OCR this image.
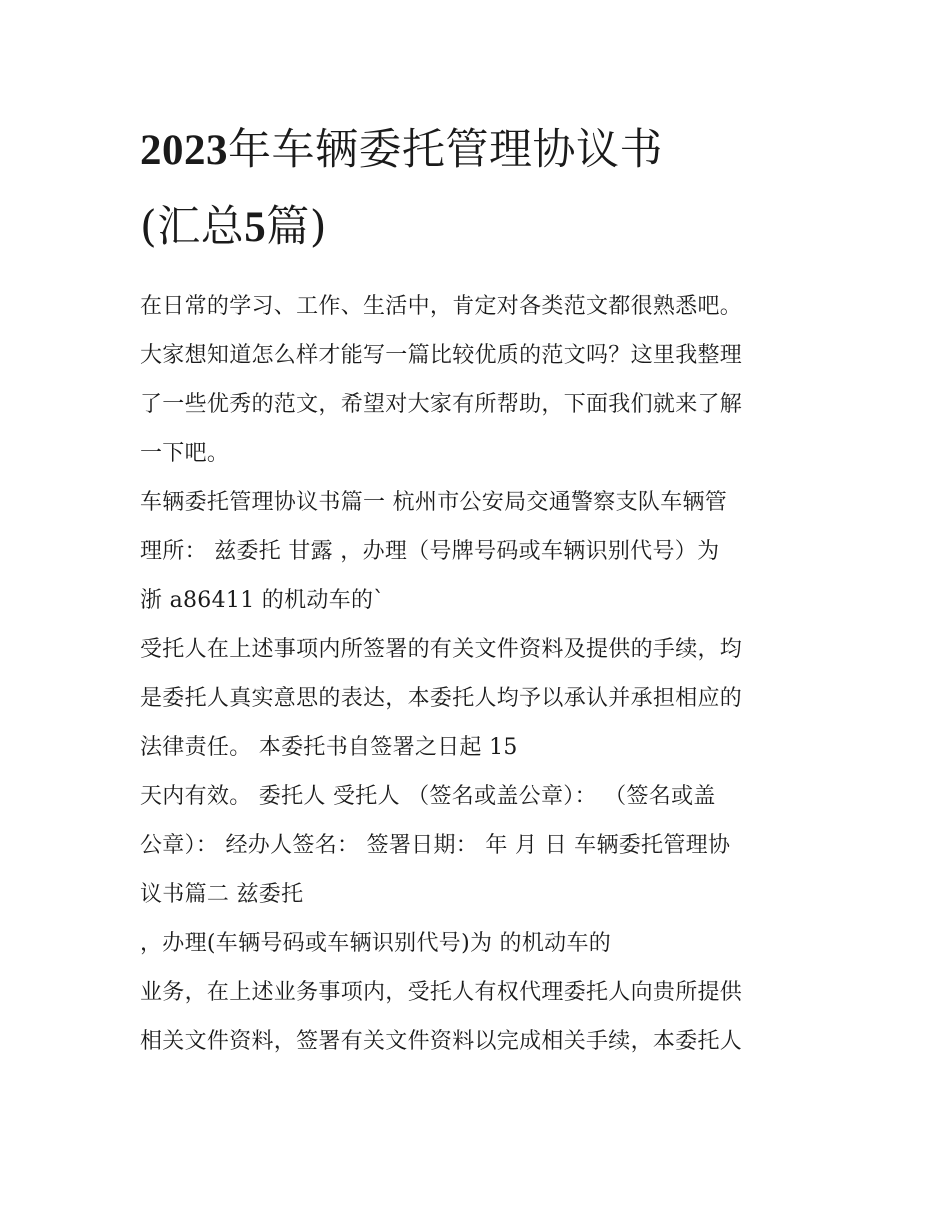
2023年车辆委托管理协议书
(汇总5篇)

在日常的学习、工作、生活中，肯定对各类范文都很熟悉吧。
大家想知道怎么样才能写一篇比较优质的范文吗？这里我整理
了一些优秀的范文，希望对大家有所帮助，下面我们就来了解
一下吧。

车辆委托管理协议书篇一 杭州市公安局交通警察支队车辆管
理所： 兹委托 甘露 ，办理（号牌号码或车辆识别代号）为
浙 a86411 的机动车的`

受托人在上述事项内所签署的有关文件资料及提供的手续，均
是委托人真实意思的表达，本委托人均予以承认并承担相应的
法律责任。 本委托书自签署之日起 15

天内有效。 委托人 受托人 （签名或盖公章）： （签名或盖
公章）： 经办人签名： 签署日期： 年 月 日 车辆委托管理协
议书篇二 兹委托

，办理(车辆号码或车辆识别代号)为 的机动车的

业务，在上述业务事项内，受托人有权代理委托人向贵所提供
相关文件资料，签署有关文件资料以完成相关手续，本委托人
